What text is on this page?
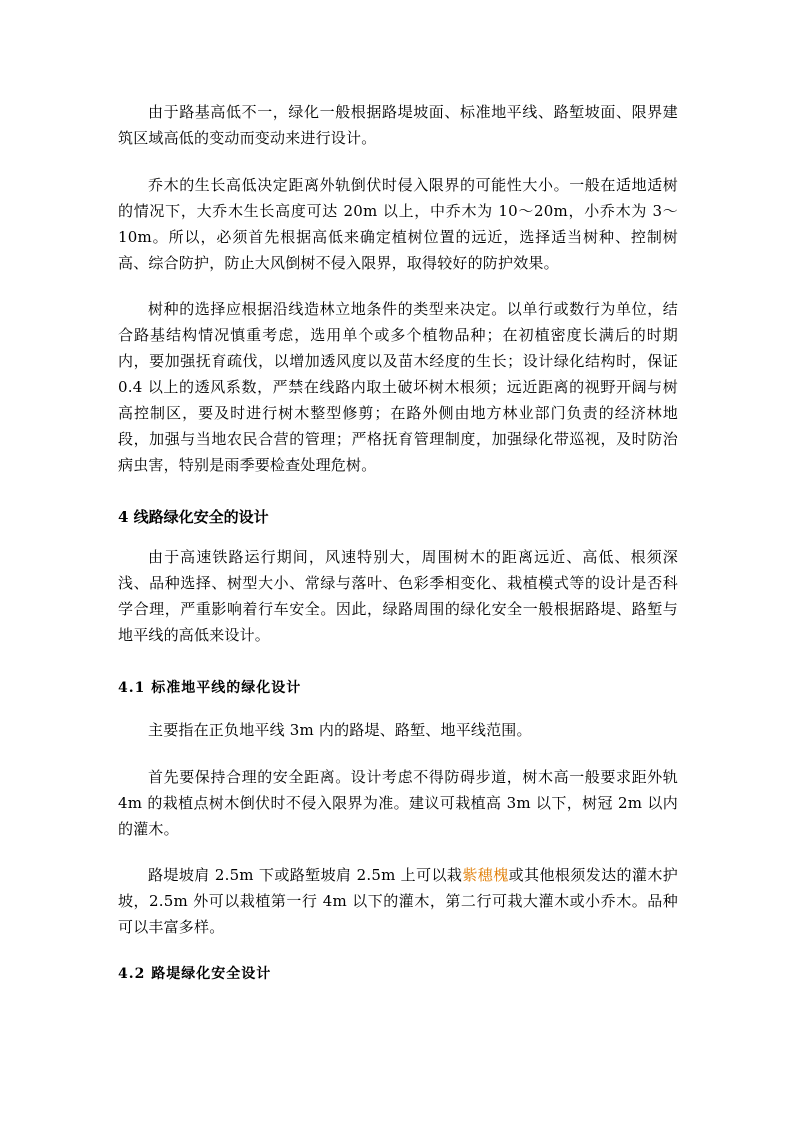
由于路基高低不一，绿化一般根据路堤坡面、标准地平线、路堑坡面、限界建筑区域高低的变动而变动来进行设计。

乔木的生长高低决定距离外轨倒伏时侵入限界的可能性大小。一般在适地适树的情况下，大乔木生长高度可达 20m 以上，中乔木为 10～20m，小乔木为 3～10m。所以，必须首先根据高低来确定植树位置的远近，选择适当树种、控制树高、综合防护，防止大风倒树不侵入限界，取得较好的防护效果。

树种的选择应根据沿线造林立地条件的类型来决定。以单行或数行为单位，结合路基结构情况慎重考虑，选用单个或多个植物品种；在初植密度长满后的时期内，要加强抚育疏伐，以增加透风度以及苗木经度的生长；设计绿化结构时，保证 0.4 以上的透风系数，严禁在线路内取土破坏树木根须；远近距离的视野开阔与树高控制区，要及时进行树木整型修剪；在路外侧由地方林业部门负责的经济林地段，加强与当地农民合营的管理；严格抚育管理制度，加强绿化带巡视，及时防治病虫害，特别是雨季要检查处理危树。

4 线路绿化安全的设计

由于高速铁路运行期间，风速特别大，周围树木的距离远近、高低、根须深浅、品种选择、树型大小、常绿与落叶、色彩季相变化、栽植模式等的设计是否科学合理，严重影响着行车安全。因此，绿路周围的绿化安全一般根据路堤、路堑与地平线的高低来设计。

4.1 标准地平线的绿化设计

主要指在正负地平线 3m 内的路堤、路堑、地平线范围。

首先要保持合理的安全距离。设计考虑不得防碍步道，树木高一般要求距外轨 4m 的栽植点树木倒伏时不侵入限界为准。建议可栽植高 3m 以下，树冠 2m 以内的灌木。

路堤坡肩 2.5m 下或路堑坡肩 2.5m 上可以栽紫穗槐或其他根须发达的灌木护坡，2.5m 外可以栽植第一行 4m 以下的灌木，第二行可栽大灌木或小乔木。品种可以丰富多样。

4.2 路堤绿化安全设计
